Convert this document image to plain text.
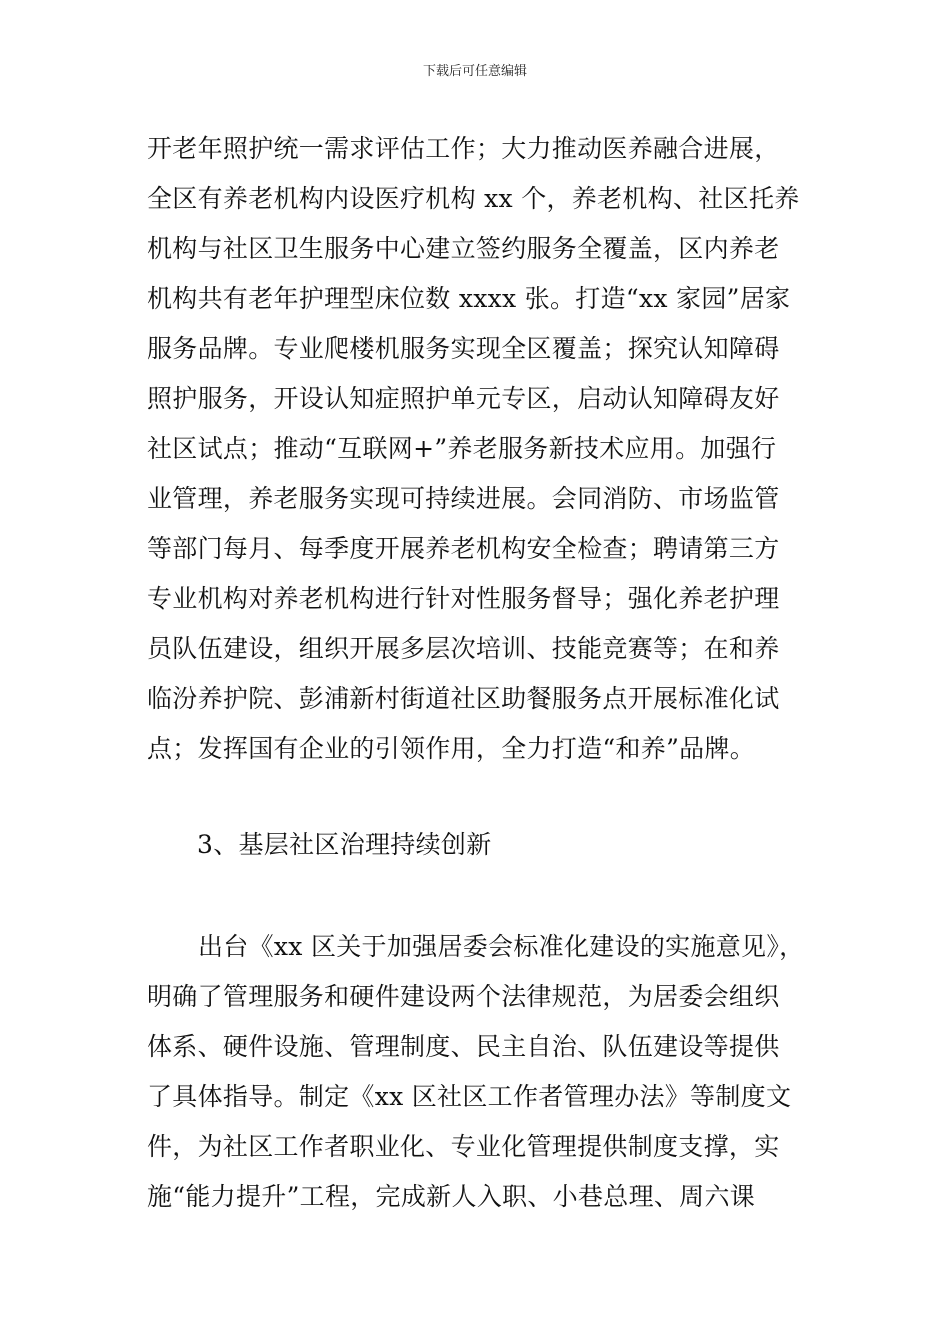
下载后可任意编辑
开老年照护统一需求评估工作；大力推动医养融合进展，
全区有养老机构内设医疗机构 xx 个，养老机构、社区托养
机构与社区卫生服务中心建立签约服务全覆盖，区内养老
机构共有老年护理型床位数 xxxx 张。打造“xx 家园”居家
服务品牌。专业爬楼机服务实现全区覆盖；探究认知障碍
照护服务，开设认知症照护单元专区，启动认知障碍友好
社区试点；推动“互联网+”养老服务新技术应用。加强行
业管理，养老服务实现可持续进展。会同消防、市场监管
等部门每月、每季度开展养老机构安全检查；聘请第三方
专业机构对养老机构进行针对性服务督导；强化养老护理
员队伍建设，组织开展多层次培训、技能竞赛等；在和养
临汾养护院、彭浦新村街道社区助餐服务点开展标准化试
点；发挥国有企业的引领作用，全力打造“和养”品牌。
3、基层社区治理持续创新
出台《xx 区关于加强居委会标准化建设的实施意见》，
明确了管理服务和硬件建设两个法律规范，为居委会组织
体系、硬件设施、管理制度、民主自治、队伍建设等提供
了具体指导。制定《xx 区社区工作者管理办法》等制度文
件，为社区工作者职业化、专业化管理提供制度支撑，实
施“能力提升”工程，完成新人入职、小巷总理、周六课
